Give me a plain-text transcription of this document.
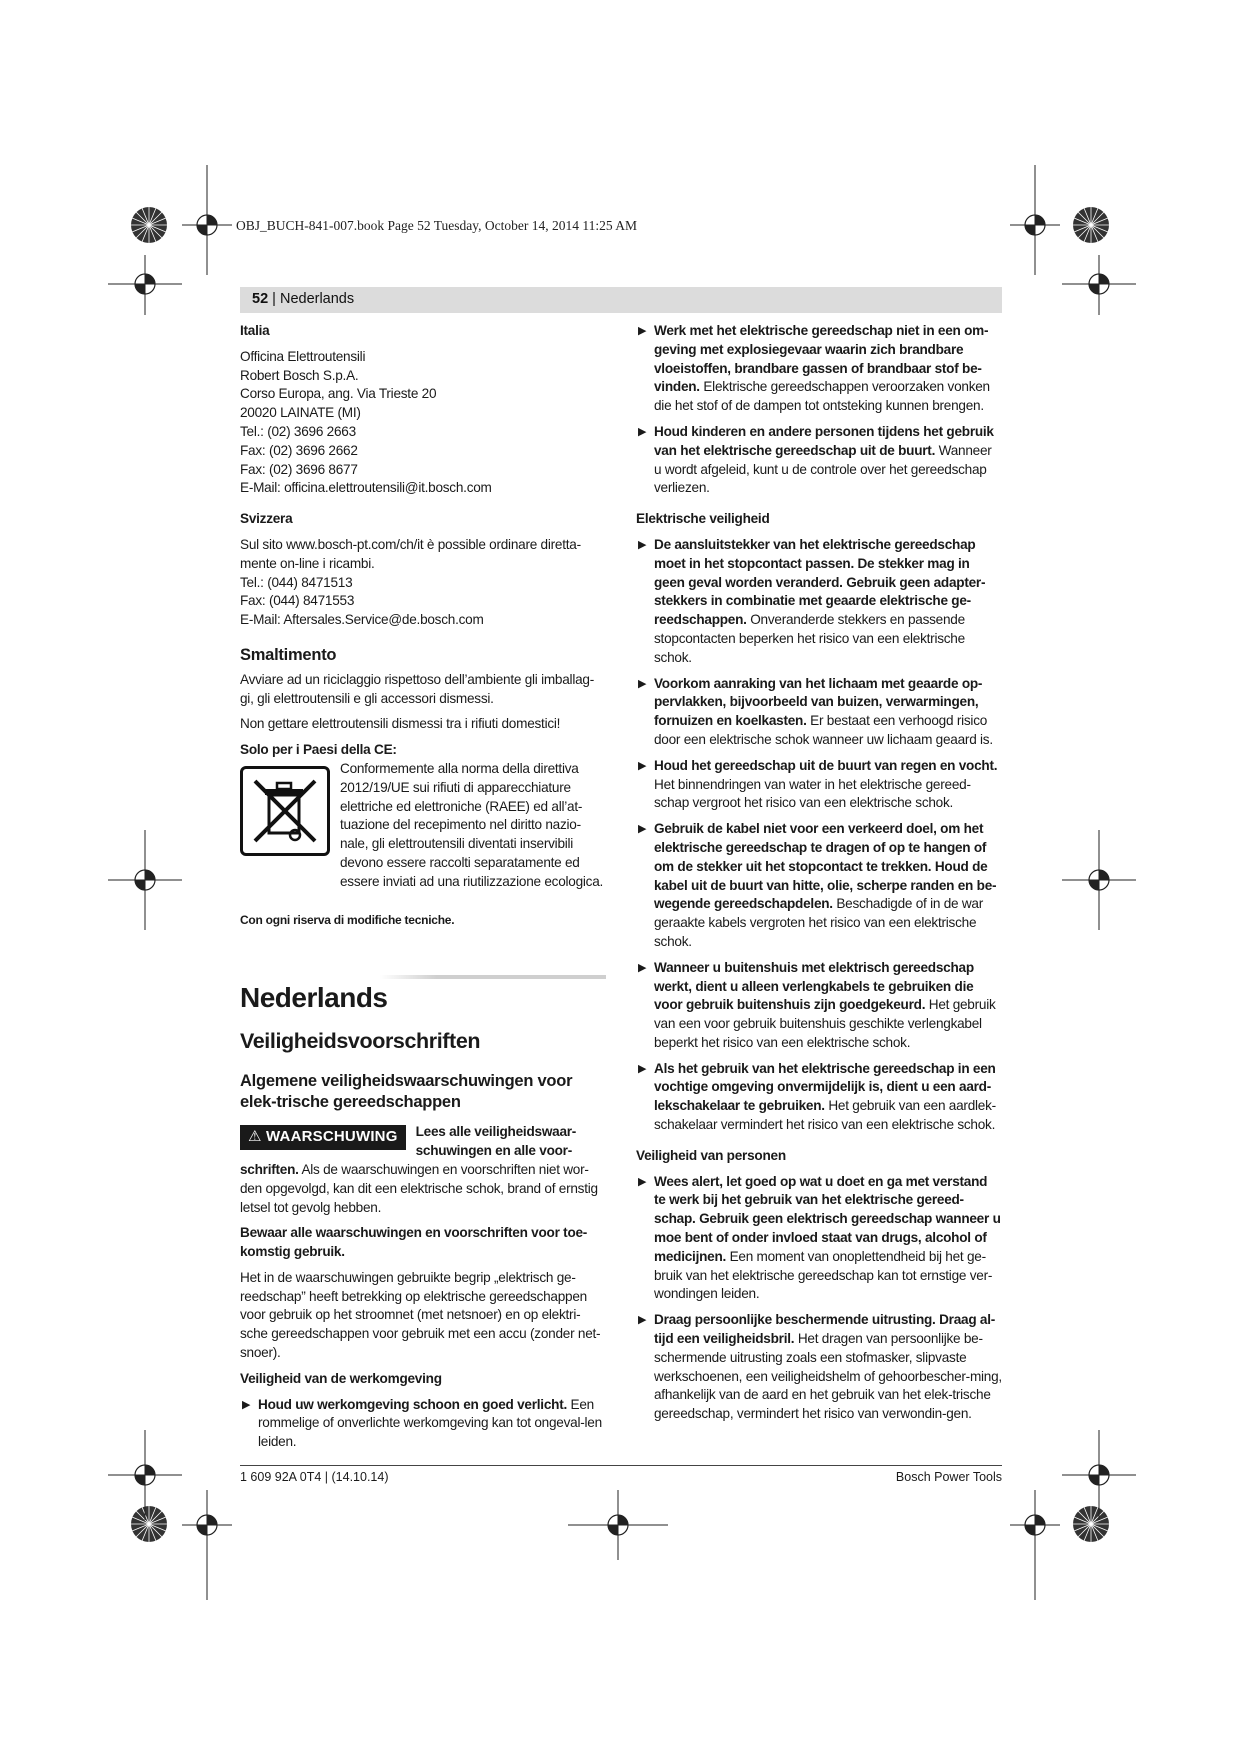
OBJ_BUCH-841-007.book Page 52 Tuesday, October 14, 2014 11:25 AM
52 | Nederlands

Italia

Officina Elettroutensili

Robert Bosch S.p.A.

Corso Europa, ang. Via Trieste 20

20020 LAINATE (MI)

Tel.: (02) 3696 2663

Fax: (02) 3696 2662

Fax: (02) 3696 8677

E-Mail: officina.elettroutensili@it.bosch.com

Svizzera

Sul sito www.bosch-pt.com/ch/it è possible ordinare diretta-mente on-line i ricambi.

Tel.: (044) 8471513

Fax: (044) 8471553

E-Mail: Aftersales.Service@de.bosch.com

Smaltimento

Avviare ad un riciclaggio rispettoso dell’ambiente gli imballag-gi, gli elettroutensili e gli accessori dismessi.

Non gettare elettroutensili dismessi tra i rifiuti domestici!

Solo per i Paesi della CE:

Conformemente alla norma della direttiva 2012/19/UE sui rifiuti di apparecchiature elettriche ed elettroniche (RAEE) ed all’at-tuazione del recepimento nel diritto nazio-nale, gli elettroutensili diventati inservibili devono essere raccolti separatamente ed essere inviati ad una riutilizzazione ecologica.

Con ogni riserva di modifiche tecniche.

Nederlands
Veiligheidsvoorschriften
Algemene veiligheidswaarschuwingen voor elek-trische gereedschappen
⚠ WAARSCHUWING	Lees alle veiligheidswaar-schuwingen en alle voor-schriften. Als de waarschuwingen en voorschriften niet wor-den opgevolgd, kan dit een elektrische schok, brand of ernstig letsel tot gevolg hebben.

Bewaar alle waarschuwingen en voorschriften voor toe-komstig gebruik.

Het in de waarschuwingen gebruikte begrip „elektrisch ge-reedschap” heeft betrekking op elektrische gereedschappen voor gebruik op het stroomnet (met netsnoer) en op elektri-sche gereedschappen voor gebruik met een accu (zonder net-snoer).

Veiligheid van de werkomgeving

▶ Houd uw werkomgeving schoon en goed verlicht. Een rommelige of onverlichte werkomgeving kan tot ongeval-len leiden.
▶ Werk met het elektrische gereedschap niet in een om-geving met explosiegevaar waarin zich brandbare vloeistoffen, brandbare gassen of brandbaar stof be-vinden. Elektrische gereedschappen veroorzaken vonken die het stof of de dampen tot ontsteking kunnen brengen.
▶ Houd kinderen en andere personen tijdens het gebruik van het elektrische gereedschap uit de buurt. Wanneer u wordt afgeleid, kunt u de controle over het gereedschap verliezen.

Elektrische veiligheid

▶ De aansluitstekker van het elektrische gereedschap moet in het stopcontact passen. De stekker mag in geen geval worden veranderd. Gebruik geen adapter-stekkers in combinatie met geaarde elektrische ge-reedschappen. Onveranderde stekkers en passende stopcontacten beperken het risico van een elektrische schok.
▶ Voorkom aanraking van het lichaam met geaarde op-pervlakken, bijvoorbeeld van buizen, verwarmingen, fornuizen en koelkasten. Er bestaat een verhoogd risico door een elektrische schok wanneer uw lichaam geaard is.
▶ Houd het gereedschap uit de buurt van regen en vocht. Het binnendringen van water in het elektrische gereed-schap vergroot het risico van een elektrische schok.
▶ Gebruik de kabel niet voor een verkeerd doel, om het elektrische gereedschap te dragen of op te hangen of om de stekker uit het stopcontact te trekken. Houd de kabel uit de buurt van hitte, olie, scherpe randen en be-wegende gereedschapdelen. Beschadigde of in de war geraakte kabels vergroten het risico van een elektrische schok.
▶ Wanneer u buitenshuis met elektrisch gereedschap werkt, dient u alleen verlengkabels te gebruiken die voor gebruik buitenshuis zijn goedgekeurd. Het gebruik van een voor gebruik buitenshuis geschikte verlengkabel beperkt het risico van een elektrische schok.
▶ Als het gebruik van het elektrische gereedschap in een vochtige omgeving onvermijdelijk is, dient u een aard-lekschakelaar te gebruiken. Het gebruik van een aardlek-schakelaar vermindert het risico van een elektrische schok.

Veiligheid van personen

▶ Wees alert, let goed op wat u doet en ga met verstand te werk bij het gebruik van het elektrische gereed-schap. Gebruik geen elektrisch gereedschap wanneer u moe bent of onder invloed staat van drugs, alcohol of medicijnen. Een moment van onoplettendheid bij het ge-bruik van het elektrische gereedschap kan tot ernstige ver-wondingen leiden.
▶ Draag persoonlijke beschermende uitrusting. Draag al-tijd een veiligheidsbril. Het dragen van persoonlijke be-schermende uitrusting zoals een stofmasker, slipvaste werkschoenen, een veiligheidshelm of gehoorbescher-ming, afhankelijk van de aard en het gebruik van het elek-trische gereedschap, vermindert het risico van verwondin-gen.
1 609 92A 0T4 | (14.10.14)	Bosch Power Tools
